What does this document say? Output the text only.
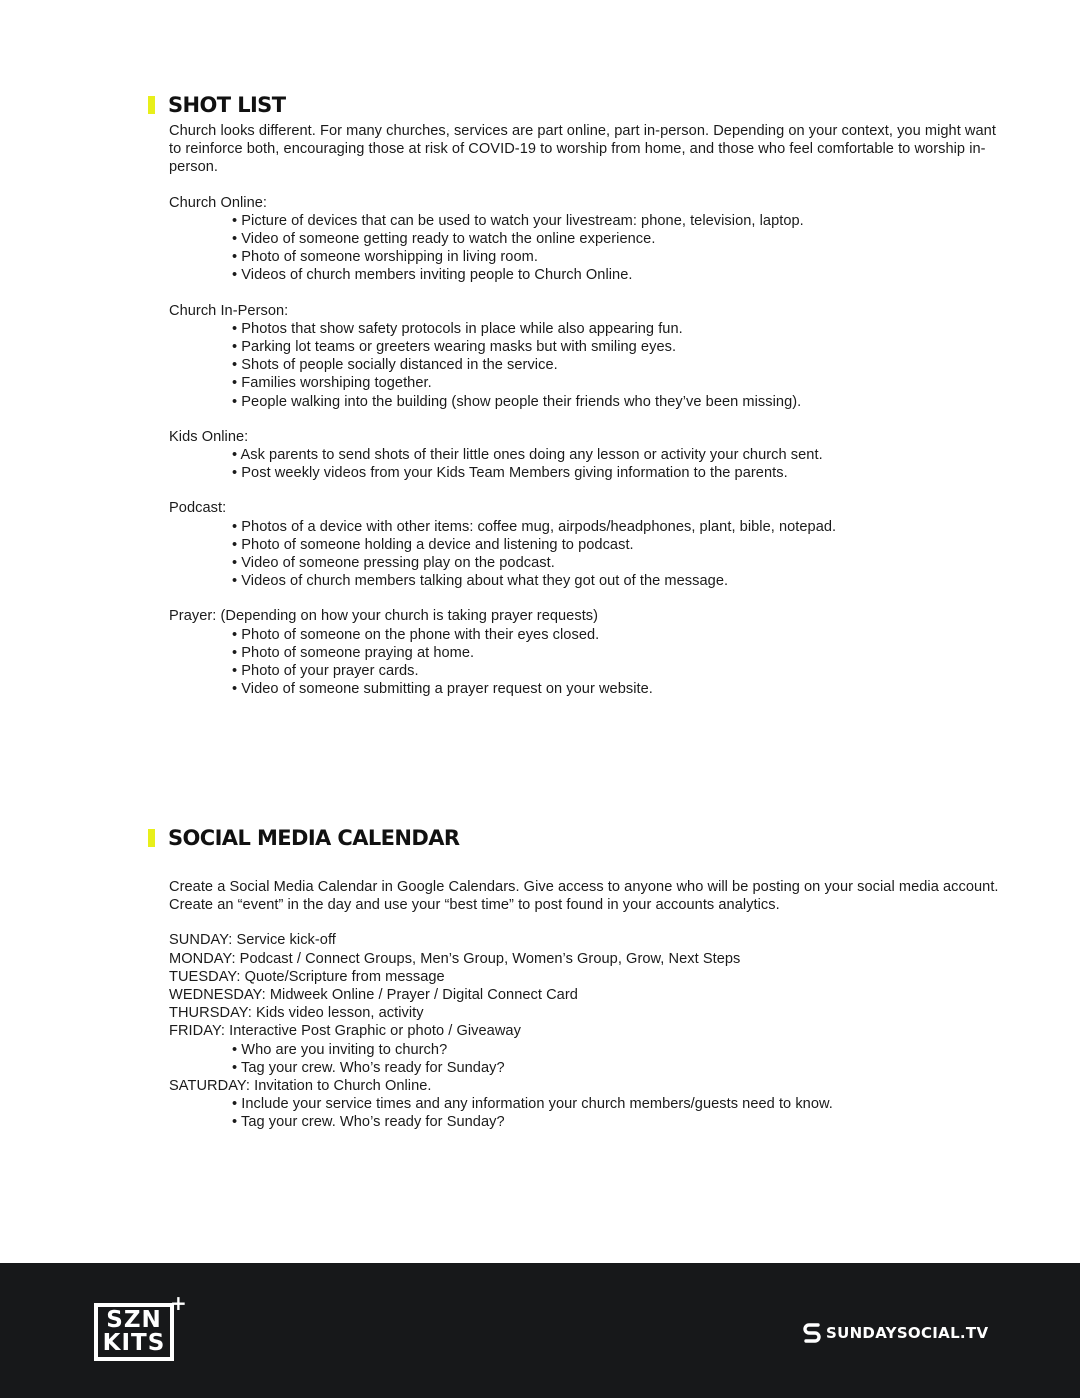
SHOT LIST

Church looks different. For many churches, services are part online, part in-person. Depending on your context, you might want to reinforce both, encouraging those at risk of COVID-19 to worship from home, and those who feel comfortable to worship in-person.

Church Online:

• Picture of devices that can be used to watch your livestream: phone, television, laptop.
• Video of someone getting ready to watch the online experience.
• Photo of someone worshipping in living room.
• Videos of church members inviting people to Church Online.

Church In-Person:

• Photos that show safety protocols in place while also appearing fun.
• Parking lot teams or greeters wearing masks but with smiling eyes.
• Shots of people socially distanced in the service.
• Families worshiping together.
• People walking into the building (show people their friends who they’ve been missing).

Kids Online:

• Ask parents to send shots of their little ones doing any lesson or activity your church sent.
• Post weekly videos from your Kids Team Members giving information to the parents.

Podcast:

• Photos of a device with other items: coffee mug, airpods/headphones, plant, bible, notepad.
• Photo of someone holding a device and listening to podcast.
• Video of someone pressing play on the podcast.
• Videos of church members talking about what they got out of the message.

Prayer: (Depending on how your church is taking prayer requests)

• Photo of someone on the phone with their eyes closed.
• Photo of someone praying at home.
• Photo of your prayer cards.
• Video of someone submitting a prayer request on your website.
SOCIAL MEDIA CALENDAR

Create a Social Media Calendar in Google Calendars. Give access to anyone who will be posting on your social media account. Create an “event” in the day and use your “best time” to post found in your accounts analytics.

SUNDAY: Service kick-off

MONDAY: Podcast / Connect Groups, Men’s Group, Women’s Group, Grow, Next Steps

TUESDAY: Quote/Scripture from message

WEDNESDAY: Midweek Online / Prayer / Digital Connect Card

THURSDAY: Kids video lesson, activity

FRIDAY: Interactive Post Graphic or photo / Giveaway

• Who are you inviting to church?
• Tag your crew. Who’s ready for Sunday?

SATURDAY: Invitation to Church Online.

• Include your service times and any information your church members/guests need to know.
• Tag your crew. Who’s ready for Sunday?
SZN
KITS
+
SUNDAYSOCIAL.TV
